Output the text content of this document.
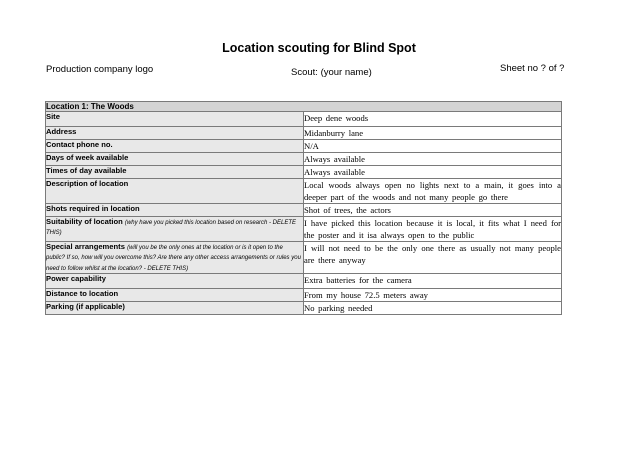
Location scouting for Blind Spot
Production company logo	Scout: (your name)	Sheet no ? of ?
Location 1: The Woods	
Site	Deep dene woods
Address	Midanburry lane
Contact phone no.	N/A
Days of week available	Always available
Times of day available	Always available
Description of location	Local woods always open no lights next to a main, it goes into a deeper part of the woods and not many people go there
Shots required in location	Shot of trees, the actors
Suitability of location (why have you picked this location based on research - DELETE THIS)	I have picked this location because it is local, it fits what I need for the poster and it isa always open to the public
Special arrangements (will you be the only ones at the location or is it open to the public? If so, how will you overcome this? Are there any other access arrangements or rules you need to follow whilst at the location? - DELETE THIS)	I will not need to be the only one there as usually not many people are there anyway
Power capability	Extra batteries for the camera
Distance to location	From my house 72.5 meters away
Parking (if applicable)	No parking needed
